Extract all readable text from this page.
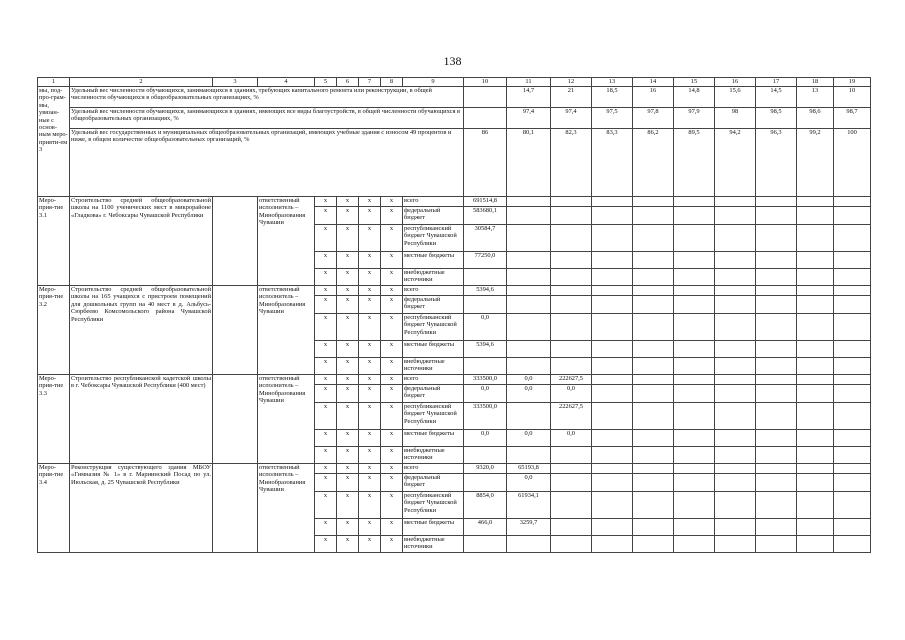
138
1	2	3	4	5	6	7	8	9	10	11	12	13	14	15	16	17	18	19
мы, под-про-грам-мы, увязан-ные с основ-ным меро-прияти-ем 3	Удельный вес численности обучающихся, занимающихся в зданиях, требующих капитального ремонта или реконструкции, в общей численности обучающихся в общеобразовательных организациях, %									14,7	21	18,5	16	14,8	15,6	14,5	13	10
	Удельный вес численности обучающихся, занимающихся в зданиях, имеющих все виды благоустройств, в общей численности обучающихся в общеобразовательных организациях, %									97,4	97,4	97,5	97,8	97,9	98	98,5	98,6	98,7
	Удельный вес государственных и муниципальных общеобразовательных организаций, имеющих учебные здания с износом 49 процентов и ниже, в общем количестве общеобразовательных организаций, %								86	80,1	82,3	83,3	86,2	89,5	94,2	96,3	99,2	100
Меро-прия-тие 3.1	Строительство средней общеобразовательной школы на 1100 ученических мест в микрорайоне «Гладкова» г. Чебоксары Чувашской Республики		ответственный исполнитель – Минобразования Чувашии	х	х	х	х	всего	691514,8									
				х	х	х	х	федеральный бюджет	583680,1									
				х	х	х	х	республиканский бюджет Чувашской Республики	30584,7									
				х	х	х	х	местные бюджеты	77250,0									
				х	х	х	х	внебюджетные источники										
Меро-прия-тие 3.2	Строительство средней общеобразовательной школы на 165 учащихся с пристроем помещений для дошкольных групп на 40 мест в д. Альбусь-Сюрбеево Комсомольского района Чувашской Республики		ответственный исполнитель – Минобразования Чувашии	х	х	х	х	всего	5394,6									
				х	х	х	х	федеральный бюджет										
				х	х	х	х	республиканский бюджет Чувашской Республики	0,0									
				х	х	х	х	местные бюджеты	5394,6									
				х	х	х	х	внебюджетные источники										
Меро-прия-тие 3.3	Строительство республиканской кадетской школы в г. Чебоксары Чувашской Республики (400 мест)		ответственный исполнитель – Минобразования Чувашии	х	х	х	х	всего	333500,0	0,0	222627,5							
				х	х	х	х	федеральный бюджет	0,0	0,0	0,0							
				х	х	х	х	республиканский бюджет Чувашской Республики	333500,0		222627,5							
				х	х	х	х	местные бюджеты	0,0	0,0	0,0							
				х	х	х	х	внебюджетные источники										
Меро-прия-тие 3.4	Реконструкция существующего здания МБОУ «Гимназия № 1» в г. Мариинский Посад по ул. Июльская, д. 25 Чувашской Республики		ответственный исполнитель – Минобразования Чувашии	х	х	х	х	всего	9320,0	65193,8								
				х	х	х	х	федеральный бюджет		0,0								
				х	х	х	х	республиканский бюджет Чувашской Республики	8854,0	61934,1								
				х	х	х	х	местные бюджеты	466,0	3259,7								
				х	х	х	х	внебюджетные источники										
